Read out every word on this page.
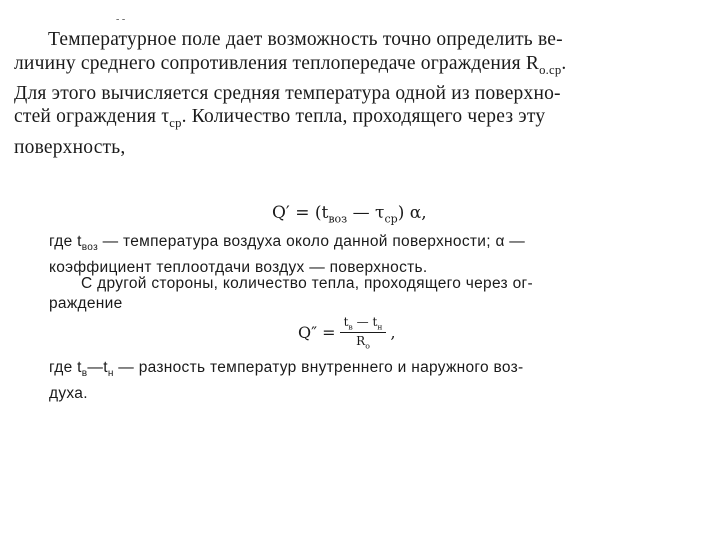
- -
Температурное поле дает возможность точно определить ве-
личину среднего сопротивления теплопередаче ограждения $R_{о.ср}$.
Для этого вычисляется средняя температура одной из поверхно-
стей ограждения $\tau_{ср}$. Количество тепла, проходящего через эту
поверхность,
$Q' = (t_{воз}$ — $\tau_{ср}$) α,
где $t_{воз}$ — температура воздуха около данной поверхности; α —
коэффициент теплоотдачи воздух — поверхность.
С другой стороны, количество тепла, проходящего через ог-
раждение
$Q'' = \frac{t_в — t_н}{R_о}$ ,
где $t_в—t_н$ — разность температур внутреннего и наружного воз-
духа.
